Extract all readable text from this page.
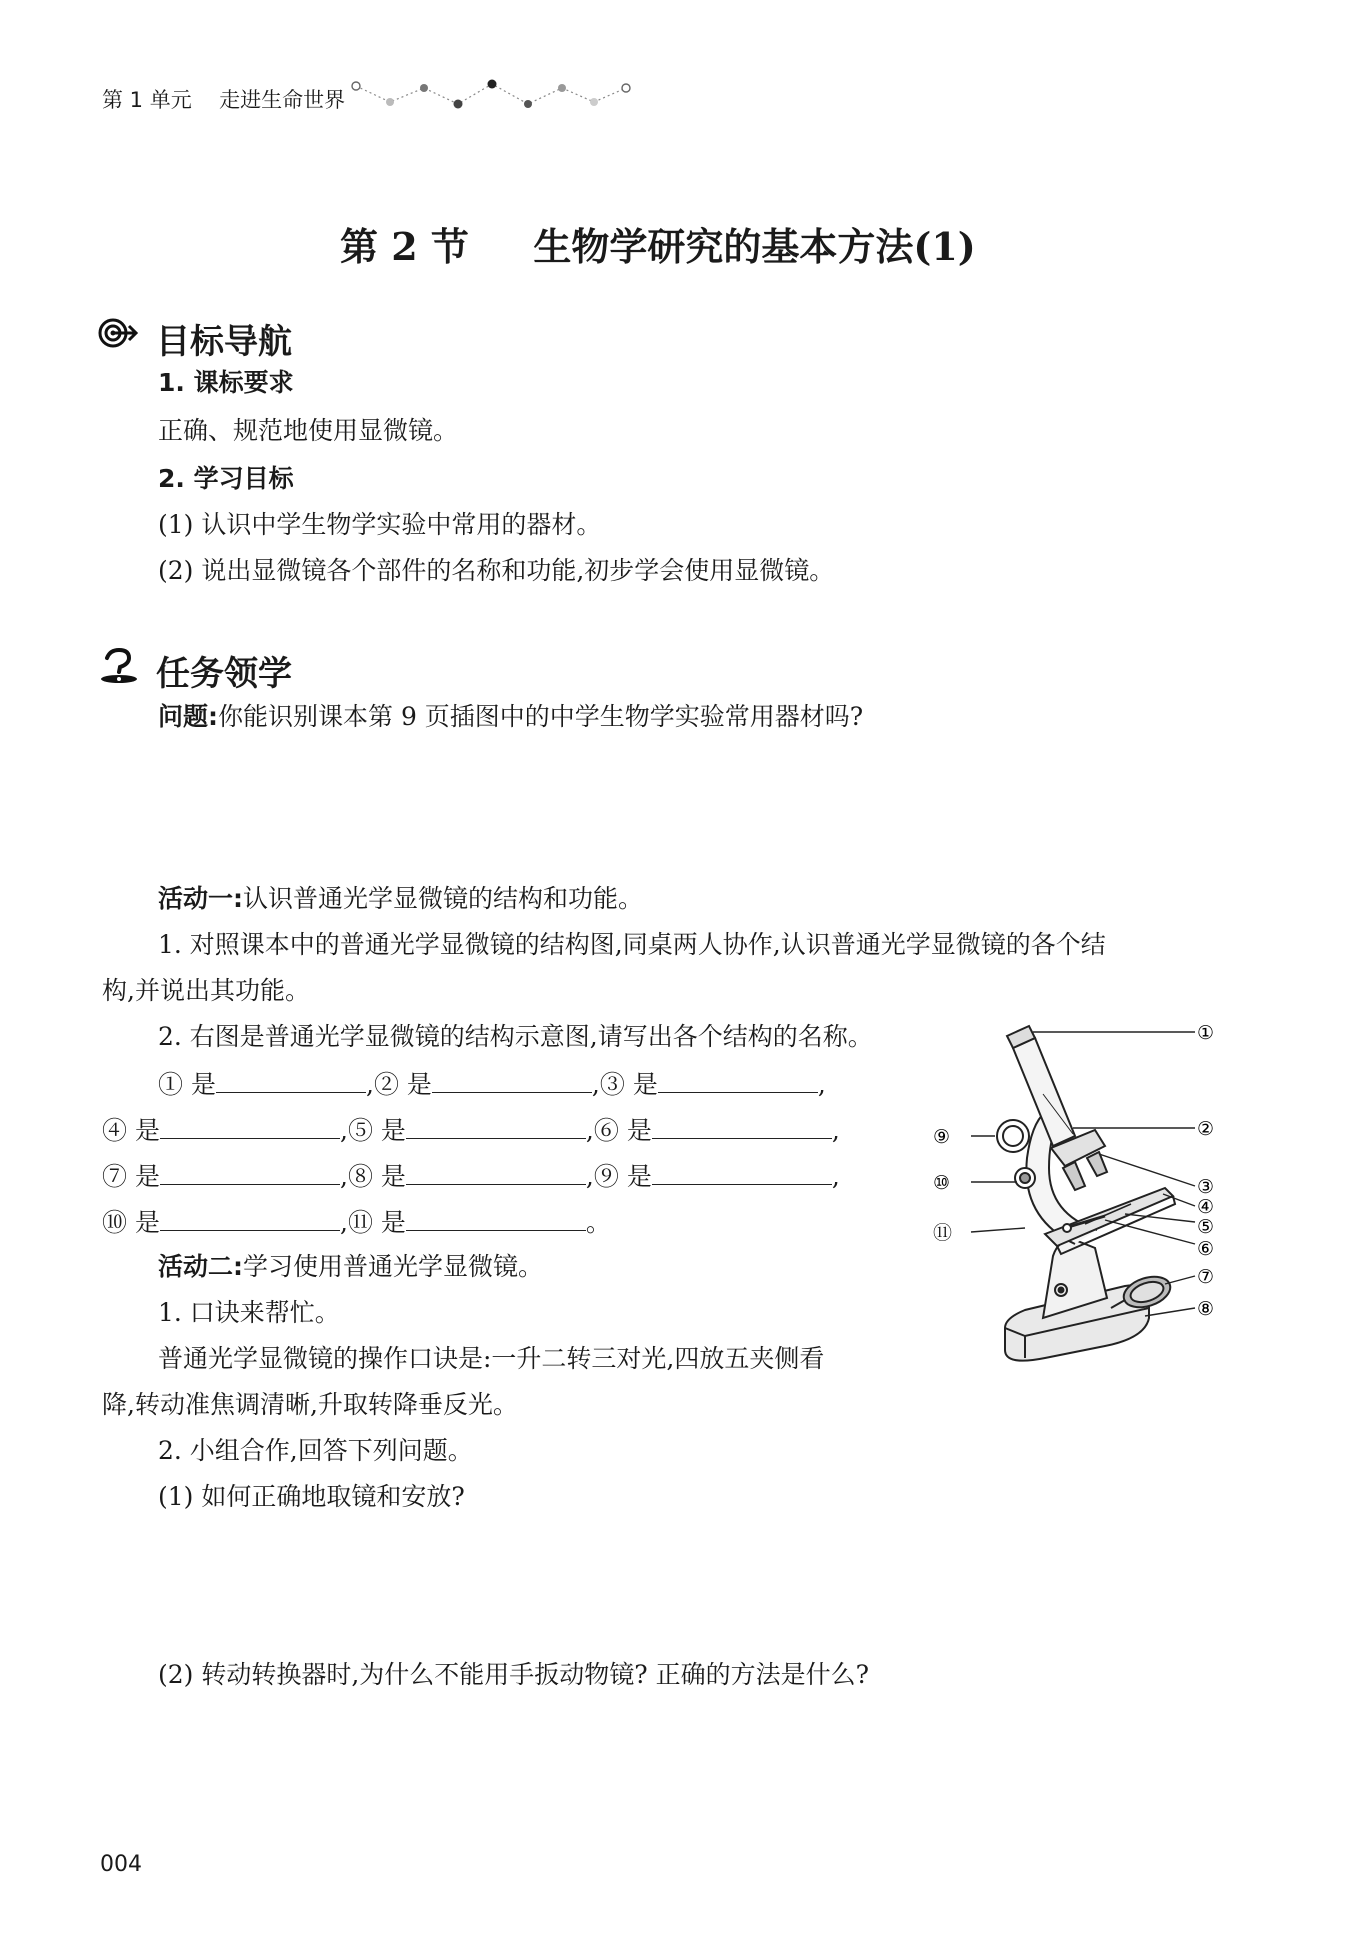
第 1 单元 走进生命世界
第 2 节 生物学研究的基本方法(1)
目标导航
1. 课标要求
正确、规范地使用显微镜。
2. 学习目标
(1) 认识中学生物学实验中常用的器材。
(2) 说出显微镜各个部件的名称和功能,初步学会使用显微镜。
任务领学
问题:你能识别课本第 9 页插图中的中学生物学实验常用器材吗?
活动一:认识普通光学显微镜的结构和功能。
1. 对照课本中的普通光学显微镜的结构图,同桌两人协作,认识普通光学显微镜的各个结
构,并说出其功能。
2. 右图是普通光学显微镜的结构示意图,请写出各个结构的名称。
① 是	,② 是	,③ 是	,
④ 是	,⑤ 是	,⑥ 是	,
⑦ 是	,⑧ 是	,⑨ 是	,
⑩ 是	,⑪ 是	。
活动二:学习使用普通光学显微镜。
1. 口诀来帮忙。
普通光学显微镜的操作口诀是:一升二转三对光,四放五夹侧看
降,转动准焦调清晰,升取转降垂反光。
2. 小组合作,回答下列问题。
(1) 如何正确地取镜和安放?
(2) 转动转换器时,为什么不能用手扳动物镜? 正确的方法是什么?
①
②
③
④
⑤
⑥
⑦
⑧
⑨
⑩
⑪
004
